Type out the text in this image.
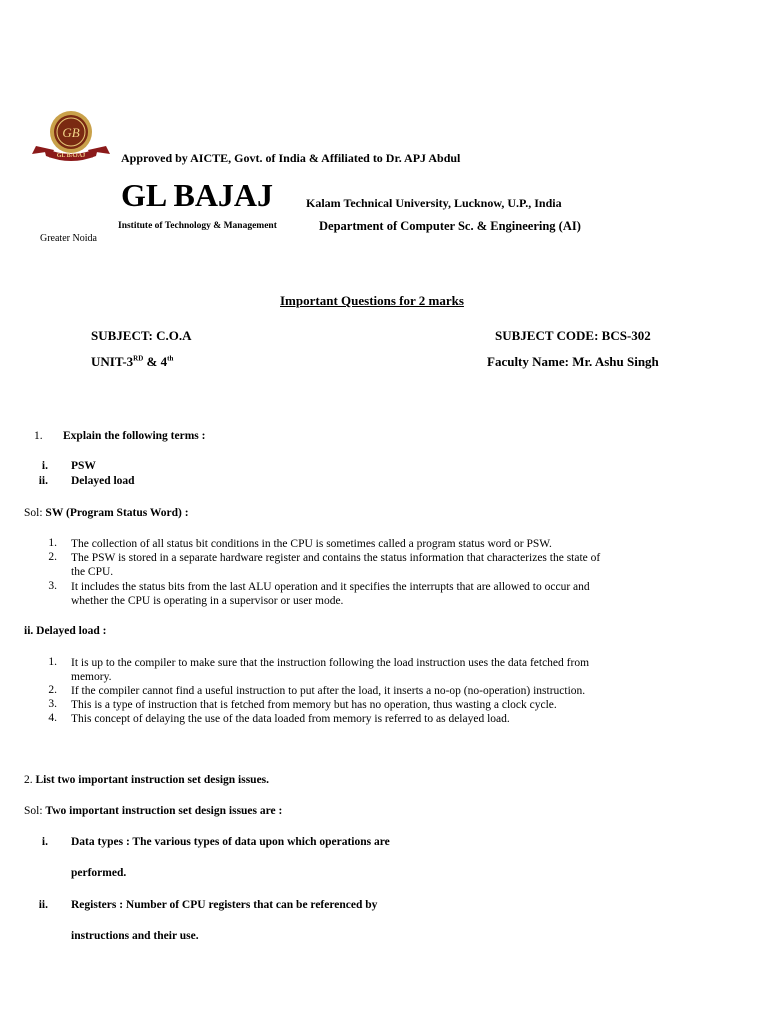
GB
GL BAJAJ	Approved by AICTE, Govt. of India & Affiliated to Dr. APJ Abdul
GL BAJAJ	Kalam Technical University, Lucknow, U.P., India
Institute of Technology & Management	Department of Computer Sc. & Engineering (AI)
Greater Noida
Important Questions for 2 marks
SUBJECT: C.O.A	SUBJECT CODE: BCS-302
UNIT-3RD & 4th	Faculty Name: Mr. Ashu Singh
1. Explain the following terms :
i. PSW
ii. Delayed load
Sol: SW (Program Status Word) :
1. The collection of all status bit conditions in the CPU is sometimes called a program status word or PSW.
2. The PSW is stored in a separate hardware register and contains the status information that characterizes the state of
the CPU.
3. It includes the status bits from the last ALU operation and it specifies the interrupts that are allowed to occur and
whether the CPU is operating in a supervisor or user mode.
ii. Delayed load :
1. It is up to the compiler to make sure that the instruction following the load instruction uses the data fetched from
memory.
2. If the compiler cannot find a useful instruction to put after the load, it inserts a no-op (no-operation) instruction.
3. This is a type of instruction that is fetched from memory but has no operation, thus wasting a clock cycle.
4. This concept of delaying the use of the data loaded from memory is referred to as delayed load.
2. List two important instruction set design issues.
Sol: Two important instruction set design issues are :
i. Data types : The various types of data upon which operations are
performed.
ii. Registers : Number of CPU registers that can be referenced by
instructions and their use.
